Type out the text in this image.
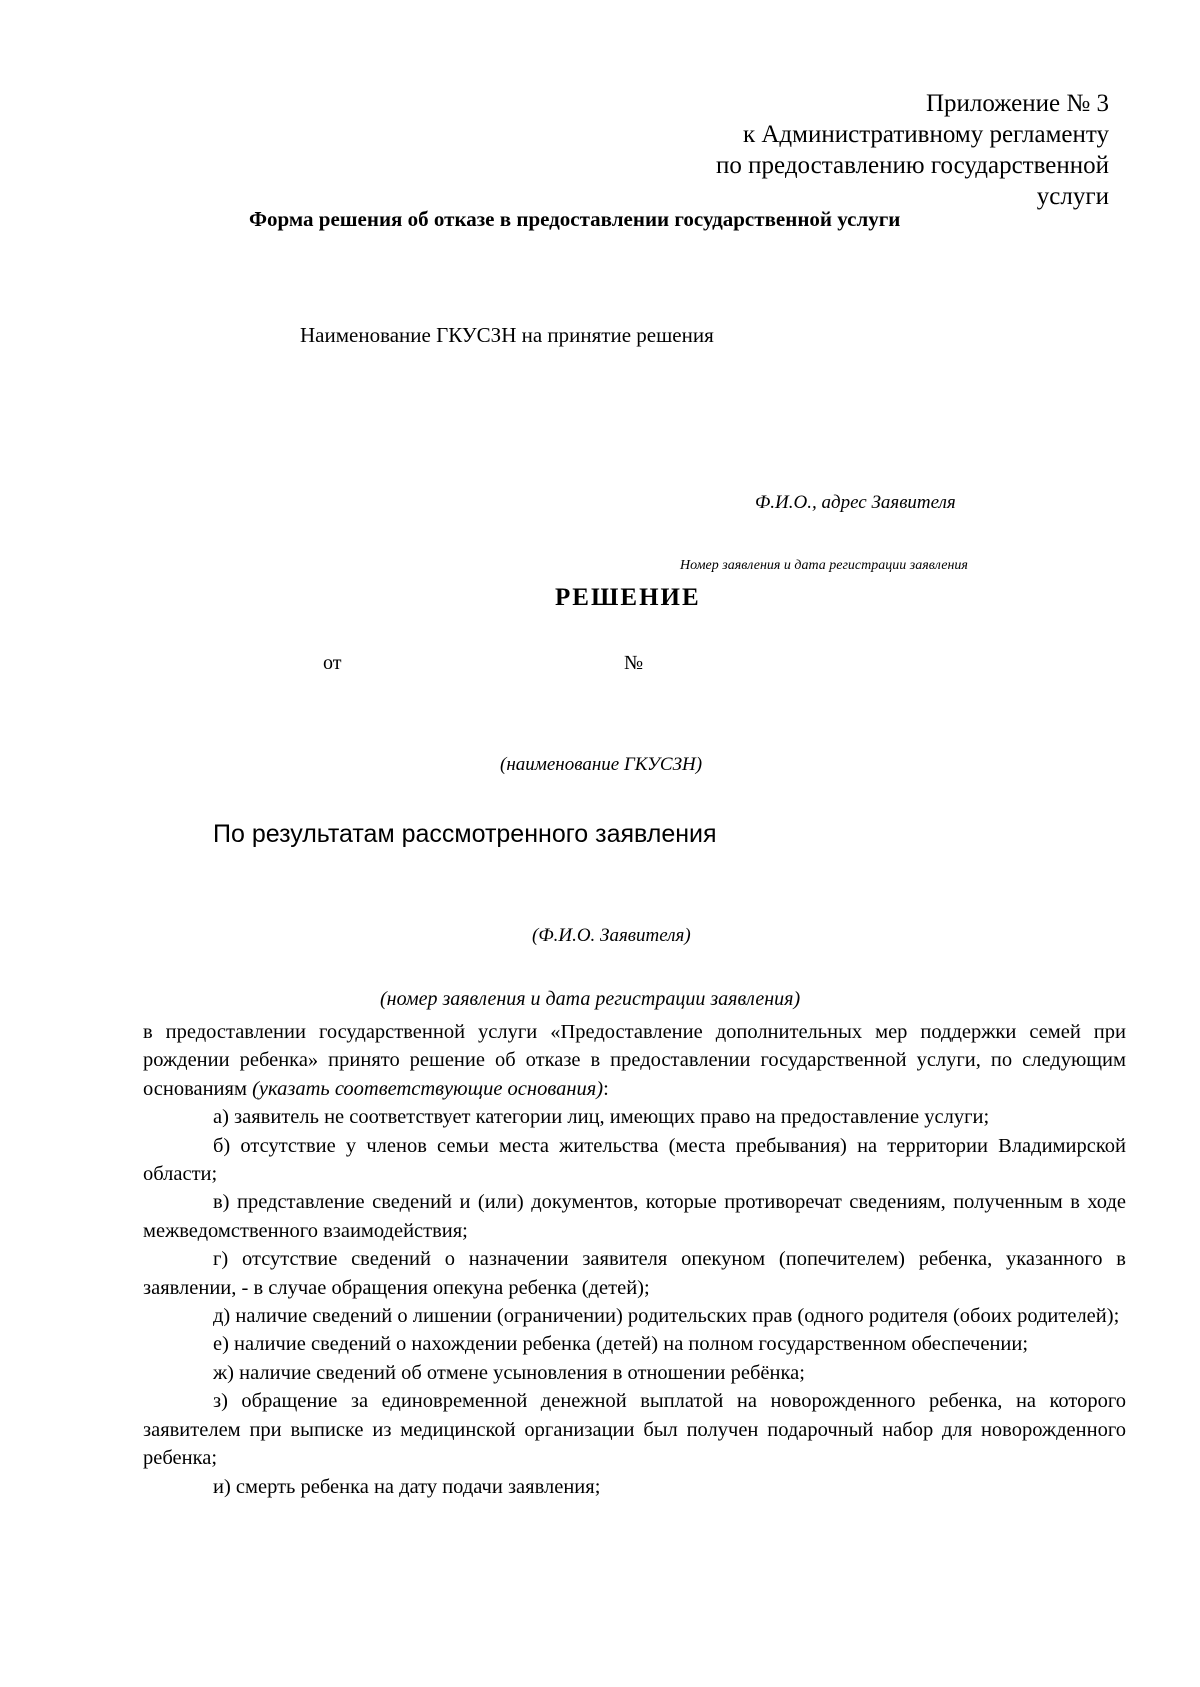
Приложение № 3
к Административному регламенту
по предоставлению государственной
услуги
Форма решения об отказе в предоставлении государственной услуги
Наименование ГКУСЗН на принятие решения
Ф.И.О., адрес Заявителя
Номер заявления и дата регистрации заявления
РЕШЕНИЕ
от	№
(наименование ГКУСЗН)
По результатам рассмотренного заявления
(Ф.И.О. Заявителя)
(номер заявления и дата регистрации заявления)

в предоставлении государственной услуги «Предоставление дополнительных мер поддержки семей при рождении ребенка» принято решение об отказе в предоставлении государственной услуги, по следующим основаниям (указать соответствующие основания):

а) заявитель не соответствует категории лиц, имеющих право на предоставление услуги;

б) отсутствие у членов семьи места жительства (места пребывания) на территории Владимирской области;

в) представление сведений и (или) документов, которые противоречат сведениям, полученным в ходе межведомственного взаимодействия;

г) отсутствие сведений о назначении заявителя опекуном (попечителем) ребенка, указанного в заявлении, - в случае обращения опекуна ребенка (детей);

д) наличие сведений о лишении (ограничении) родительских прав (одного родителя (обоих родителей);

е) наличие сведений о нахождении ребенка (детей) на полном государственном обеспечении;

ж) наличие сведений об отмене усыновления в отношении ребёнка;

з) обращение за единовременной денежной выплатой на новорожденного ребенка, на которого заявителем при выписке из медицинской организации был получен подарочный набор для новорожденного ребенка;

и) смерть ребенка на дату подачи заявления;
